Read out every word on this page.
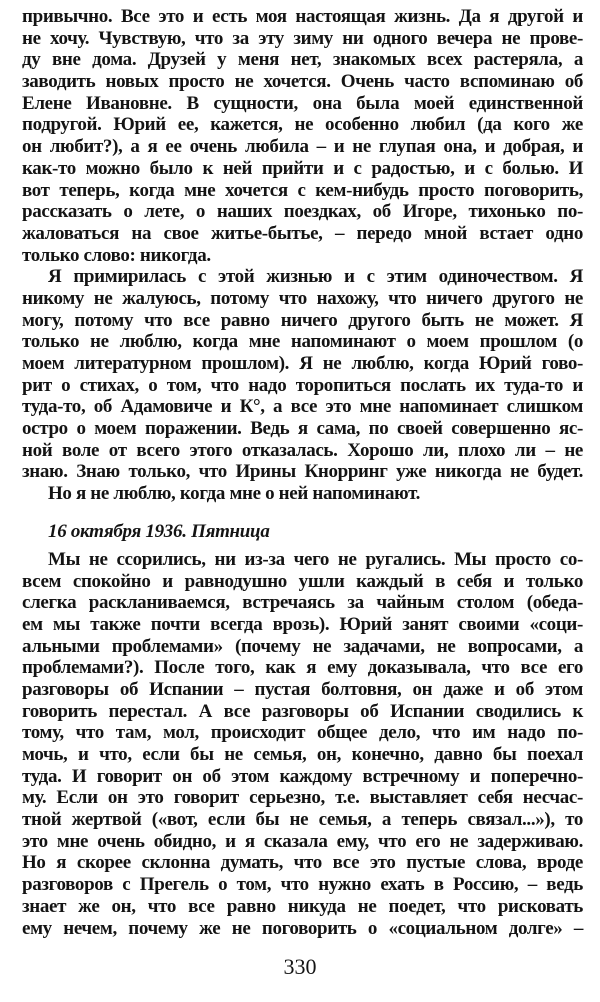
привычно. Все это и есть моя настоящая жизнь. Да я другой и
не хочу. Чувствую, что за эту зиму ни одного вечера не прове-
ду вне дома. Друзей у меня нет, знакомых всех растеряла, а
заводить новых просто не хочется. Очень часто вспоминаю об
Елене Ивановне. В сущности, она была моей единственной
подругой. Юрий ее, кажется, не особенно любил (да кого же
он любит?), а я ее очень любила – и не глупая она, и добрая, и
как-то можно было к ней прийти и с радостью, и с болью. И
вот теперь, когда мне хочется с кем-нибудь просто поговорить,
рассказать о лете, о наших поездках, об Игоре, тихонько по-
жаловаться на свое житье-бытье, – передо мной встает одно
только слово: никогда.
Я примирилась с этой жизнью и с этим одиночеством. Я
никому не жалуюсь, потому что нахожу, что ничего другого не
могу, потому что все равно ничего другого быть не может. Я
только не люблю, когда мне напоминают о моем прошлом (о
моем литературном прошлом). Я не люблю, когда Юрий гово-
рит о стихах, о том, что надо торопиться послать их туда-то и
туда-то, об Адамовиче и К°, а все это мне напоминает слишком
остро о моем поражении. Ведь я сама, по своей совершенно яс-
ной воле от всего этого отказалась. Хорошо ли, плохо ли – не
знаю. Знаю только, что Ирины Кнорринг уже никогда не будет.
Но я не люблю, когда мне о ней напоминают.
16 октября 1936. Пятница
Мы не ссорились, ни из-за чего не ругались. Мы просто со-
всем спокойно и равнодушно ушли каждый в себя и только
слегка раскланиваемся, встречаясь за чайным столом (обеда-
ем мы также почти всегда врозь). Юрий занят своими «соци-
альными проблемами» (почему не задачами, не вопросами, а
проблемами?). После того, как я ему доказывала, что все его
разговоры об Испании – пустая болтовня, он даже и об этом
говорить перестал. А все разговоры об Испании сводились к
тому, что там, мол, происходит общее дело, что им надо по-
мочь, и что, если бы не семья, он, конечно, давно бы поехал
туда. И говорит он об этом каждому встречному и поперечно-
му. Если он это говорит серьезно, т.е. выставляет себя несчас-
тной жертвой («вот, если бы не семья, а теперь связал...»), то
это мне очень обидно, и я сказала ему, что его не задерживаю.
Но я скорее склонна думать, что все это пустые слова, вроде
разговоров с Прегель о том, что нужно ехать в Россию, – ведь
знает же он, что все равно никуда не поедет, что рисковать
ему нечем, почему же не поговорить о «социальном долге» –
330
